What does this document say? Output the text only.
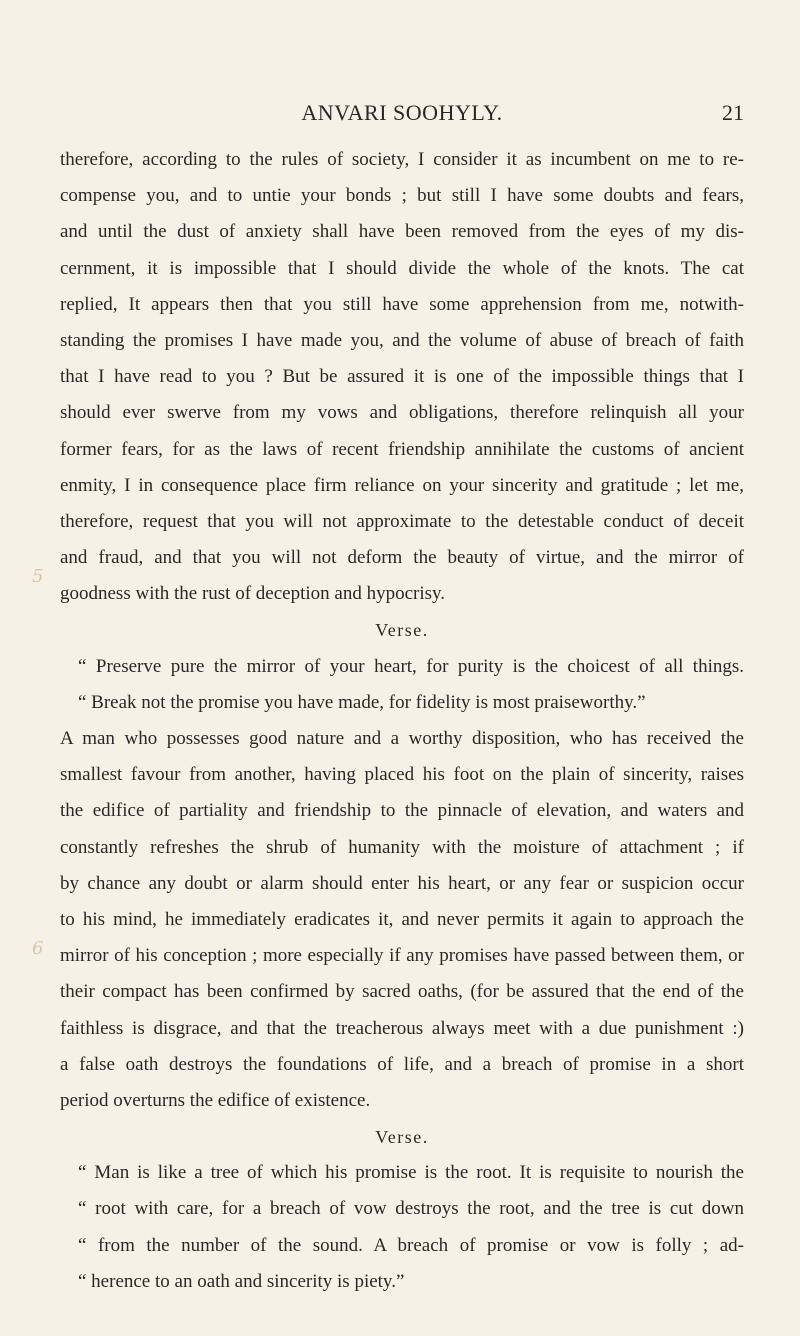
ANVARI SOOHYLY.	21
5
6
therefore, according to the rules of society, I consider it as incumbent on me to re-
compense you, and to untie your bonds ; but still I have some doubts and fears,
and until the dust of anxiety shall have been removed from the eyes of my dis-
cernment, it is impossible that I should divide the whole of the knots. The cat
replied, It appears then that you still have some apprehension from me, notwith-
standing the promises I have made you, and the volume of abuse of breach of faith
that I have read to you ? But be assured it is one of the impossible things that I
should ever swerve from my vows and obligations, therefore relinquish all your
former fears, for as the laws of recent friendship annihilate the customs of ancient
enmity, I in consequence place firm reliance on your sincerity and gratitude ; let me,
therefore, request that you will not approximate to the detestable conduct of deceit
and fraud, and that you will not deform the beauty of virtue, and the mirror of
goodness with the rust of deception and hypocrisy.
Verse.
“ Preserve pure the mirror of your heart, for purity is the choicest of all things.
“ Break not the promise you have made, for fidelity is most praiseworthy.”
A man who possesses good nature and a worthy disposition, who has received the
smallest favour from another, having placed his foot on the plain of sincerity, raises
the edifice of partiality and friendship to the pinnacle of elevation, and waters and
constantly refreshes the shrub of humanity with the moisture of attachment ; if
by chance any doubt or alarm should enter his heart, or any fear or suspicion occur
to his mind, he immediately eradicates it, and never permits it again to approach the
mirror of his conception ; more especially if any promises have passed between them, or
their compact has been confirmed by sacred oaths, (for be assured that the end of the
faithless is disgrace, and that the treacherous always meet with a due punishment :)
a false oath destroys the foundations of life, and a breach of promise in a short
period overturns the edifice of existence.
Verse.
“ Man is like a tree of which his promise is the root. It is requisite to nourish the
“ root with care, for a breach of vow destroys the root, and the tree is cut down
“ from the number of the sound. A breach of promise or vow is folly ; ad-
“ herence to an oath and sincerity is piety.”
